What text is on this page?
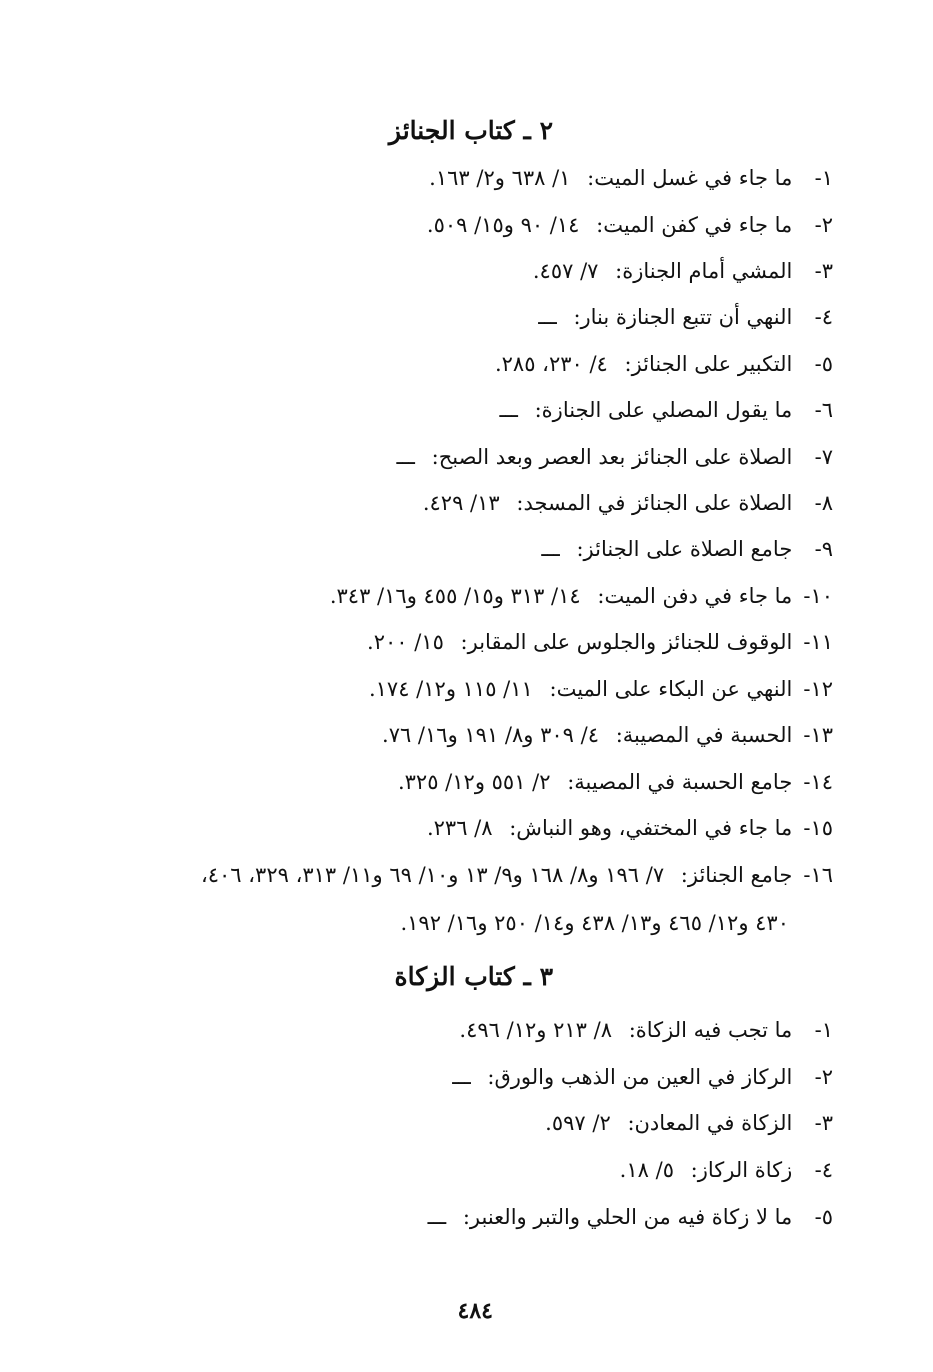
٢ ـ كتاب الجنائز
١- ما جاء في غسل الميت: ١/ ٦٣٨ و٢/ ١٦٣.
٢- ما جاء في كفن الميت: ١٤/ ٩٠ و١٥/ ٥٠٩.
٣- المشي أمام الجنازة: ٧/ ٤٥٧.
٤- النهي أن تتبع الجنازة بنار: ـــ
٥- التكبير على الجنائز: ٤/ ٢٣٠، ٢٨٥.
٦- ما يقول المصلي على الجنازة: ـــ
٧- الصلاة على الجنائز بعد العصر وبعد الصبح: ـــ
٨- الصلاة على الجنائز في المسجد: ١٣/ ٤٢٩.
٩- جامع الصلاة على الجنائز: ـــ
١٠- ما جاء في دفن الميت: ١٤/ ٣١٣ و١٥/ ٤٥٥ و١٦/ ٣٤٣.
١١- الوقوف للجنائز والجلوس على المقابر: ١٥/ ٢٠٠.
١٢- النهي عن البكاء على الميت: ١١/ ١١٥ و١٢/ ١٧٤.
١٣- الحسبة في المصيبة: ٤/ ٣٠٩ و٨/ ١٩١ و١٦/ ٧٦.
١٤- جامع الحسبة في المصيبة: ٢/ ٥٥١ و١٢/ ٣٢٥.
١٥- ما جاء في المختفي، وهو النباش: ٨/ ٢٣٦.
١٦- جامع الجنائز: ٧/ ١٩٦ و٨/ ١٦٨ و٩/ ١٣ و١٠/ ٦٩ و١١/ ٣١٣، ٣٢٩، ٤٠٦،
٤٣٠ و١٢/ ٤٦٥ و١٣/ ٤٣٨ و١٤/ ٢٥٠ و١٦/ ١٩٢.
٣ ـ كتاب الزكاة
١- ما تجب فيه الزكاة: ٨/ ٢١٣ و١٢/ ٤٩٦.
٢- الركاز في العين من الذهب والورق: ـــ
٣- الزكاة في المعادن: ٢/ ٥٩٧.
٤- زكاة الركاز: ٥/ ١٨.
٥- ما لا زكاة فيه من الحلي والتبر والعنبر: ـــ
٤٨٤
